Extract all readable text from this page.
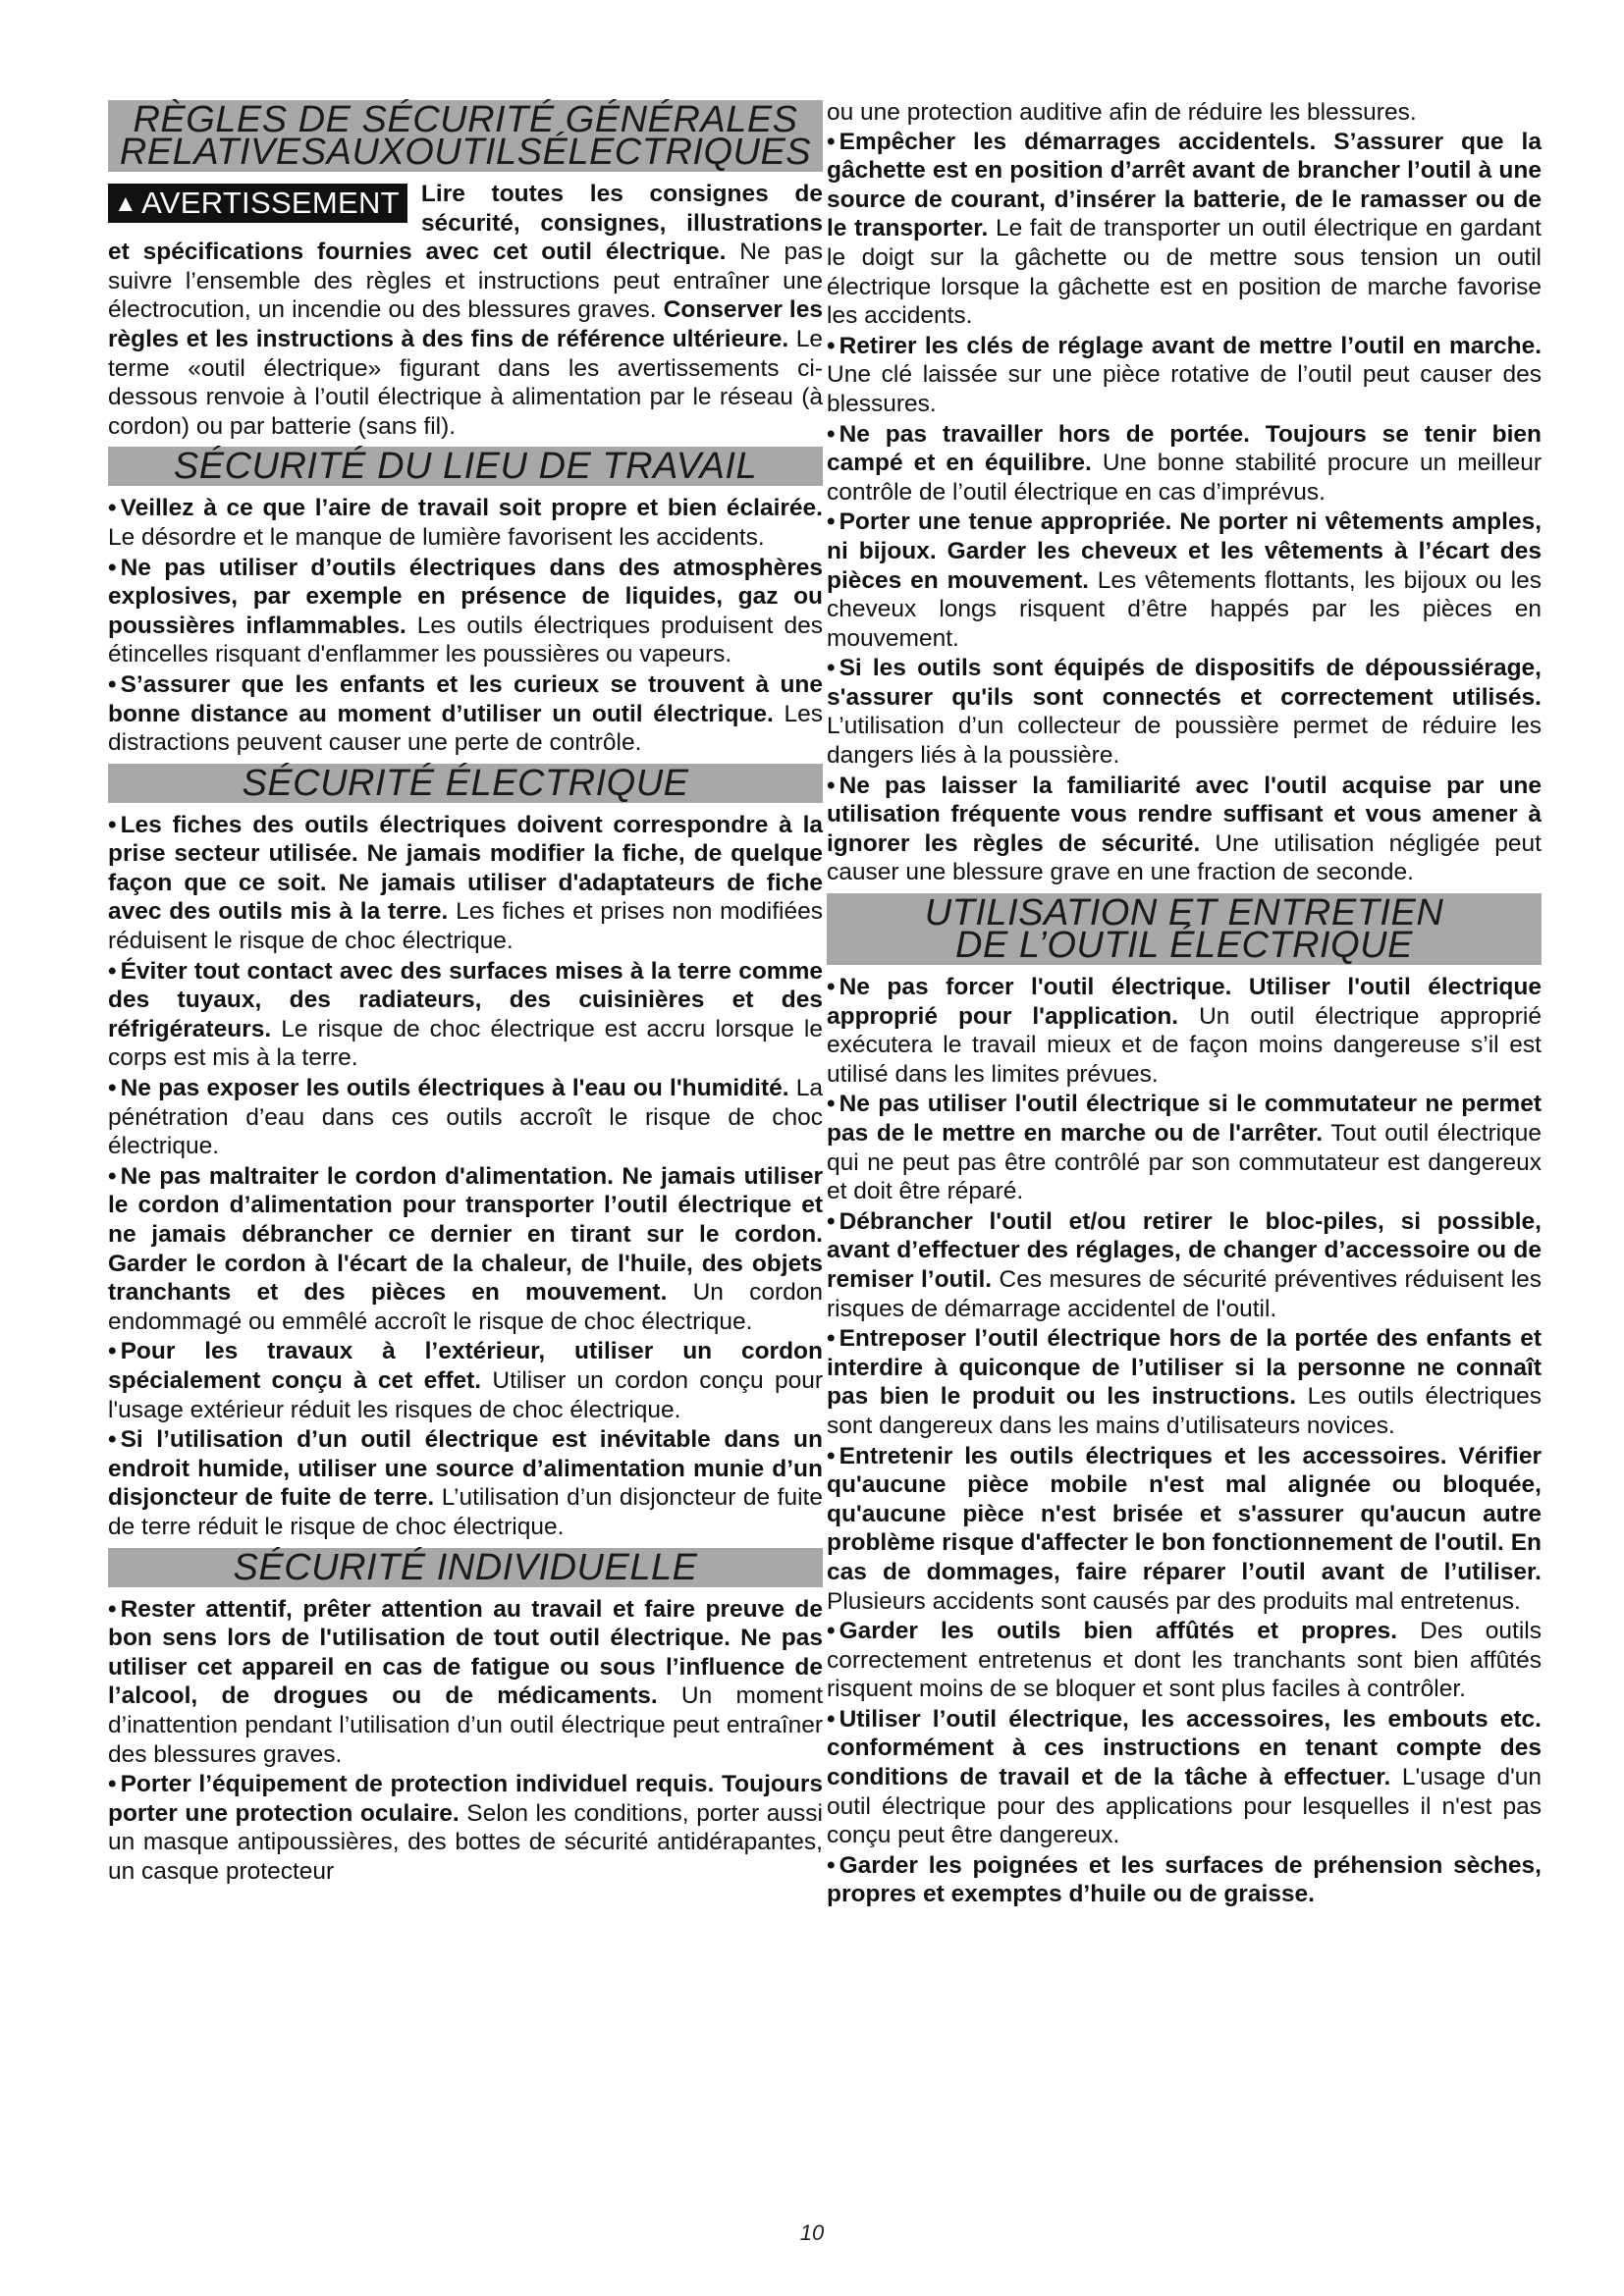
RÈGLES DE SÉCURITÉ GÉNÉRALES
RELATIVESAUXOUTILSÉLECTRIQUES
▲ AVERTISSEMENT Lire toutes les consignes de sécurité, consignes, illustrations et spécifications fournies avec cet outil électrique. Ne pas suivre l’ensemble des règles et instructions peut entraîner une électrocution, un incendie ou des blessures graves. Conserver les règles et les instructions à des fins de référence ultérieure. Le terme «outil électrique» figurant dans les avertissements ci-dessous renvoie à l’outil électrique à alimentation par le réseau (à cordon) ou par batterie (sans fil).

SÉCURITÉ DU LIEU DE TRAVAIL

• Veillez à ce que l’aire de travail soit propre et bien éclairée. Le désordre et le manque de lumière favorisent les accidents.

• Ne pas utiliser d’outils électriques dans des atmosphères explosives, par exemple en présence de liquides, gaz ou poussières inflammables. Les outils électriques produisent des étincelles risquant d'enflammer les poussières ou vapeurs.

• S’assurer que les enfants et les curieux se trouvent à une bonne distance au moment d’utiliser un outil électrique. Les distractions peuvent causer une perte de contrôle.

SÉCURITÉ ÉLECTRIQUE

• Les fiches des outils électriques doivent correspondre à la prise secteur utilisée. Ne jamais modifier la fiche, de quelque façon que ce soit. Ne jamais utiliser d'adaptateurs de fiche avec des outils mis à la terre. Les fiches et prises non modifiées réduisent le risque de choc électrique.

• Éviter tout contact avec des surfaces mises à la terre comme des tuyaux, des radiateurs, des cuisinières et des réfrigérateurs. Le risque de choc électrique est accru lorsque le corps est mis à la terre.

• Ne pas exposer les outils électriques à l'eau ou l'humidité. La pénétration d’eau dans ces outils accroît le risque de choc électrique.

• Ne pas maltraiter le cordon d'alimentation. Ne jamais utiliser le cordon d’alimentation pour transporter l’outil électrique et ne jamais débrancher ce dernier en tirant sur le cordon. Garder le cordon à l'écart de la chaleur, de l'huile, des objets tranchants et des pièces en mouvement. Un cordon endommagé ou emmêlé accroît le risque de choc électrique.

• Pour les travaux à l’extérieur, utiliser un cordon spécialement conçu à cet effet. Utiliser un cordon conçu pour l'usage extérieur réduit les risques de choc électrique.

• Si l’utilisation d’un outil électrique est inévitable dans un endroit humide, utiliser une source d’alimentation munie d’un disjoncteur de fuite de terre. L’utilisation d’un disjoncteur de fuite de terre réduit le risque de choc électrique.

SÉCURITÉ INDIVIDUELLE

• Rester attentif, prêter attention au travail et faire preuve de bon sens lors de l'utilisation de tout outil électrique. Ne pas utiliser cet appareil en cas de fatigue ou sous l’influence de l’alcool, de drogues ou de médicaments. Un moment d’inattention pendant l’utilisation d’un outil électrique peut entraîner des blessures graves.

• Porter l’équipement de protection individuel requis. Toujours porter une protection oculaire. Selon les conditions, porter aussi un masque antipoussières, des bottes de sécurité antidérapantes, un casque protecteur

ou une protection auditive afin de réduire les blessures.

• Empêcher les démarrages accidentels. S’assurer que la gâchette est en position d’arrêt avant de brancher l’outil à une source de courant, d’insérer la batterie, de le ramasser ou de le transporter. Le fait de transporter un outil électrique en gardant le doigt sur la gâchette ou de mettre sous tension un outil électrique lorsque la gâchette est en position de marche favorise les accidents.

• Retirer les clés de réglage avant de mettre l’outil en marche. Une clé laissée sur une pièce rotative de l’outil peut causer des blessures.

• Ne pas travailler hors de portée. Toujours se tenir bien campé et en équilibre. Une bonne stabilité procure un meilleur contrôle de l’outil électrique en cas d’imprévus.

• Porter une tenue appropriée. Ne porter ni vêtements amples, ni bijoux. Garder les cheveux et les vêtements à l’écart des pièces en mouvement. Les vêtements flottants, les bijoux ou les cheveux longs risquent d’être happés par les pièces en mouvement.

• Si les outils sont équipés de dispositifs de dépoussiérage, s'assurer qu'ils sont connectés et correctement utilisés. L’utilisation d’un collecteur de poussière permet de réduire les dangers liés à la poussière.

• Ne pas laisser la familiarité avec l'outil acquise par une utilisation fréquente vous rendre suffisant et vous amener à ignorer les règles de sécurité. Une utilisation négligée peut causer une blessure grave en une fraction de seconde.

UTILISATION ET ENTRETIEN
DE L’OUTIL ÉLECTRIQUE

• Ne pas forcer l'outil électrique. Utiliser l'outil électrique approprié pour l'application. Un outil électrique approprié exécutera le travail mieux et de façon moins dangereuse s’il est utilisé dans les limites prévues.

• Ne pas utiliser l'outil électrique si le commutateur ne permet pas de le mettre en marche ou de l'arrêter. Tout outil électrique qui ne peut pas être contrôlé par son commutateur est dangereux et doit être réparé.

• Débrancher l'outil et/ou retirer le bloc-piles, si possible, avant d’effectuer des réglages, de changer d’accessoire ou de remiser l’outil. Ces mesures de sécurité préventives réduisent les risques de démarrage accidentel de l'outil.

• Entreposer l’outil électrique hors de la portée des enfants et interdire à quiconque de l’utiliser si la personne ne connaît pas bien le produit ou les instructions. Les outils électriques sont dangereux dans les mains d’utilisateurs novices.

• Entretenir les outils électriques et les accessoires. Vérifier qu'aucune pièce mobile n'est mal alignée ou bloquée, qu'aucune pièce n'est brisée et s'assurer qu'aucun autre problème risque d'affecter le bon fonctionnement de l'outil. En cas de dommages, faire réparer l’outil avant de l’utiliser. Plusieurs accidents sont causés par des produits mal entretenus.

• Garder les outils bien affûtés et propres. Des outils correctement entretenus et dont les tranchants sont bien affûtés risquent moins de se bloquer et sont plus faciles à contrôler.

• Utiliser l’outil électrique, les accessoires, les embouts etc. conformément à ces instructions en tenant compte des conditions de travail et de la tâche à effectuer. L'usage d'un outil électrique pour des applications pour lesquelles il n'est pas conçu peut être dangereux.

• Garder les poignées et les surfaces de préhension sèches, propres et exemptes d’huile ou de graisse.

10
